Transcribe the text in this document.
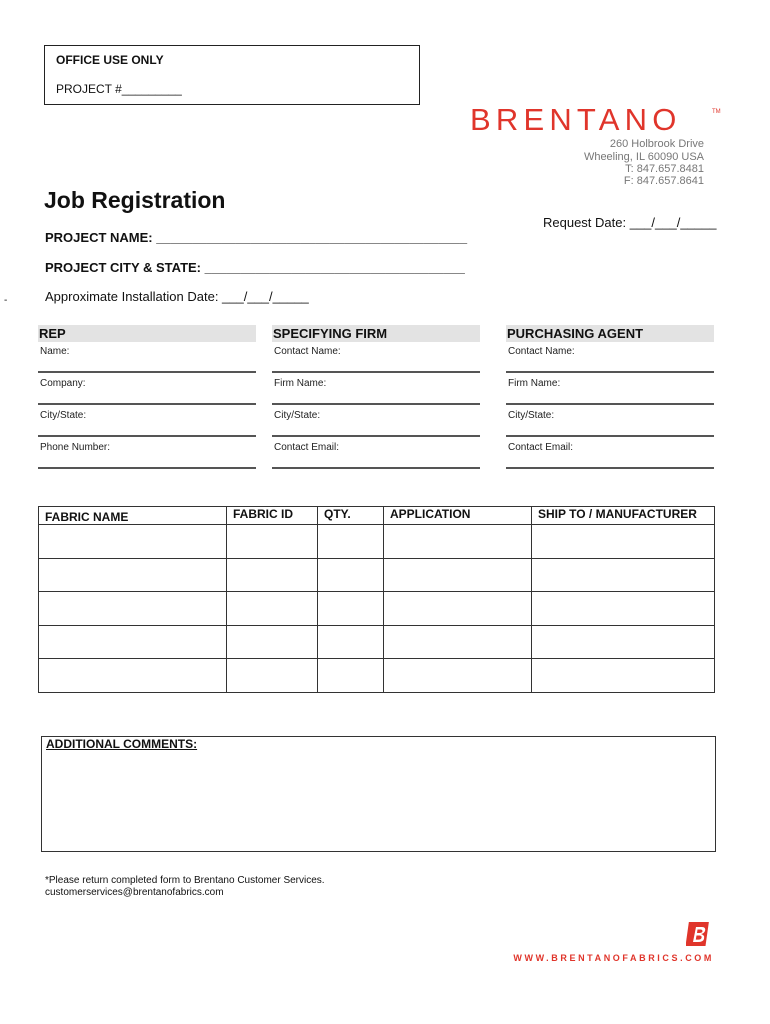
OFFICE USE ONLY
PROJECT #_________
BRENTANO	TM
260 Holbrook Drive
Wheeling, IL 60090 USA
T: 847.657.8481
F: 847.657.8641
Job Registration
Request Date: ___/___/_____
PROJECT NAME: ___________________________________________
PROJECT CITY & STATE: ____________________________________
-	Approximate Installation Date: ___/___/_____
REP
Name:
Company:
City/State:
Phone Number:
SPECIFYING FIRM
Contact Name:
Firm Name:
City/State:
Contact Email:
PURCHASING AGENT
Contact Name:
Firm Name:
City/State:
Contact Email:
FABRIC NAME	FABRIC ID	QTY.	APPLICATION	SHIP TO / MANUFACTURER

ADDITIONAL COMMENTS:
*Please return completed form to Brentano Customer Services.
customerservices@brentanofabrics.com
WWW.BRENTANOFABRICS.COM
